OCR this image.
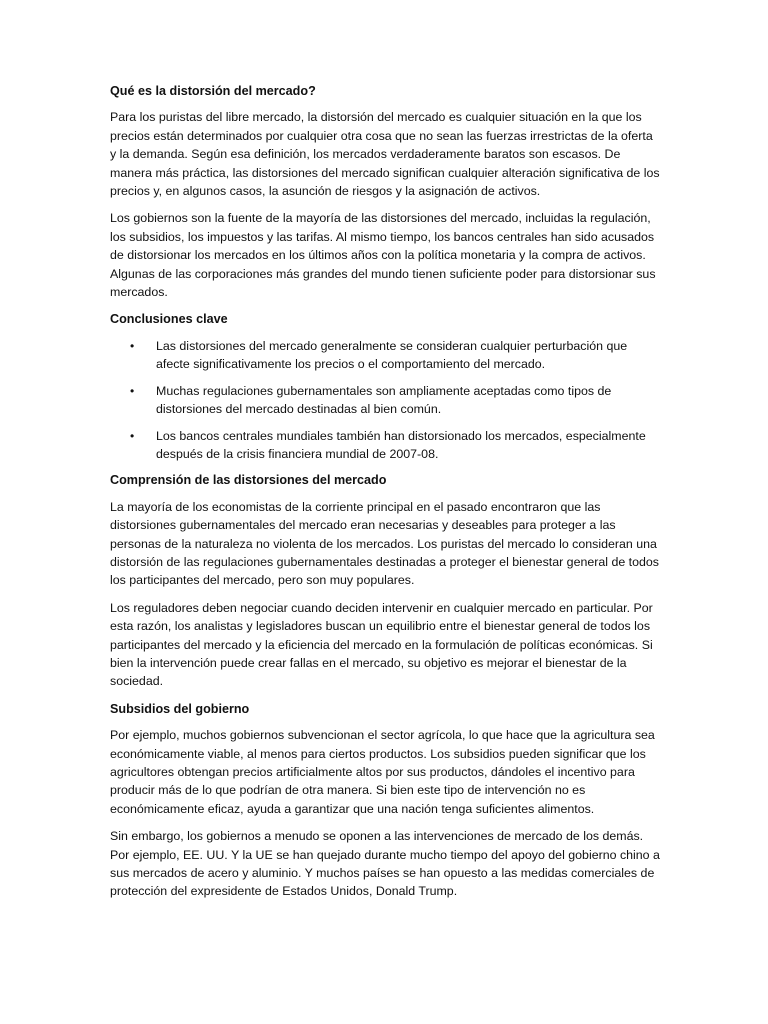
Qué es la distorsión del mercado?

Para los puristas del libre mercado, la distorsión del mercado es cualquier situación en la que los precios están determinados por cualquier otra cosa que no sean las fuerzas irrestrictas de la oferta y la demanda. Según esa definición, los mercados verdaderamente baratos son escasos. De manera más práctica, las distorsiones del mercado significan cualquier alteración significativa de los precios y, en algunos casos, la asunción de riesgos y la asignación de activos.

Los gobiernos son la fuente de la mayoría de las distorsiones del mercado, incluidas la regulación, los subsidios, los impuestos y las tarifas. Al mismo tiempo, los bancos centrales han sido acusados de distorsionar los mercados en los últimos años con la política monetaria y la compra de activos. Algunas de las corporaciones más grandes del mundo tienen suficiente poder para distorsionar sus mercados.

Conclusiones clave
• Las distorsiones del mercado generalmente se consideran cualquier perturbación que afecte significativamente los precios o el comportamiento del mercado.
• Muchas regulaciones gubernamentales son ampliamente aceptadas como tipos de distorsiones del mercado destinadas al bien común.
• Los bancos centrales mundiales también han distorsionado los mercados, especialmente después de la crisis financiera mundial de 2007-08.
Comprensión de las distorsiones del mercado

La mayoría de los economistas de la corriente principal en el pasado encontraron que las distorsiones gubernamentales del mercado eran necesarias y deseables para proteger a las personas de la naturaleza no violenta de los mercados. Los puristas del mercado lo consideran una distorsión de las regulaciones gubernamentales destinadas a proteger el bienestar general de todos los participantes del mercado, pero son muy populares.

Los reguladores deben negociar cuando deciden intervenir en cualquier mercado en particular. Por esta razón, los analistas y legisladores buscan un equilibrio entre el bienestar general de todos los participantes del mercado y la eficiencia del mercado en la formulación de políticas económicas. Si bien la intervención puede crear fallas en el mercado, su objetivo es mejorar el bienestar de la sociedad.

Subsidios del gobierno

Por ejemplo, muchos gobiernos subvencionan el sector agrícola, lo que hace que la agricultura sea económicamente viable, al menos para ciertos productos. Los subsidios pueden significar que los agricultores obtengan precios artificialmente altos por sus productos, dándoles el incentivo para producir más de lo que podrían de otra manera. Si bien este tipo de intervención no es económicamente eficaz, ayuda a garantizar que una nación tenga suficientes alimentos.

Sin embargo, los gobiernos a menudo se oponen a las intervenciones de mercado de los demás. Por ejemplo, EE. UU. Y la UE se han quejado durante mucho tiempo del apoyo del gobierno chino a sus mercados de acero y aluminio. Y muchos países se han opuesto a las medidas comerciales de protección del expresidente de Estados Unidos, Donald Trump.
